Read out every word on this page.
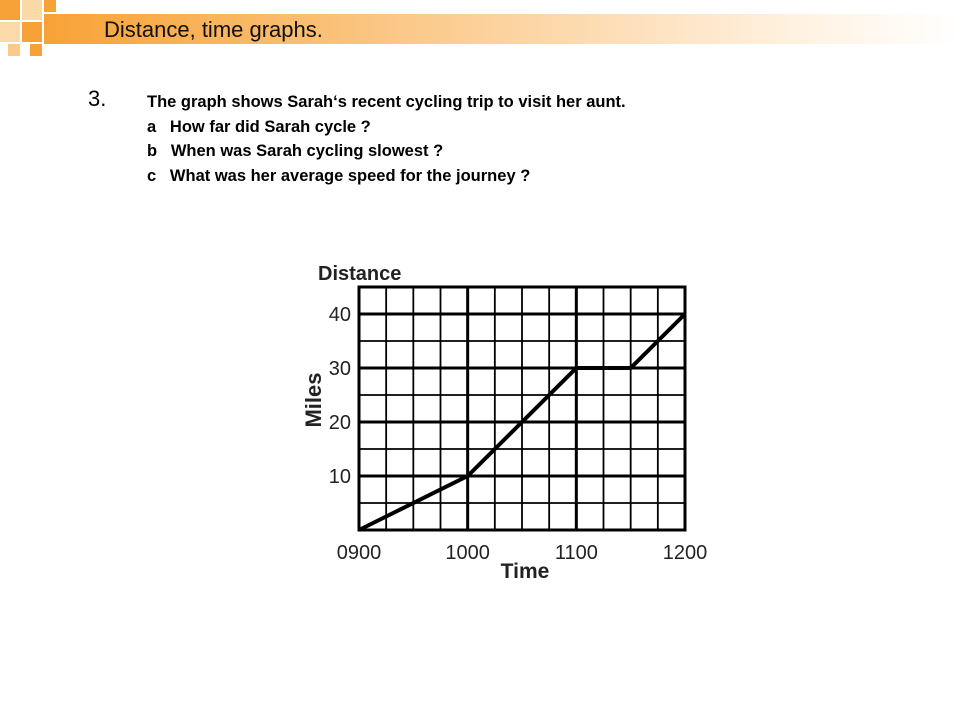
Distance, time graphs.
3. The graph shows Sarah‘s recent cycling trip to visit her aunt.
a   How far did Sarah cycle ?
b   When was Sarah cycling slowest ?
c   What was her average speed for the journey ?
10
20
30
40
0900	1000	1100	1200
Distance
Miles
Time
